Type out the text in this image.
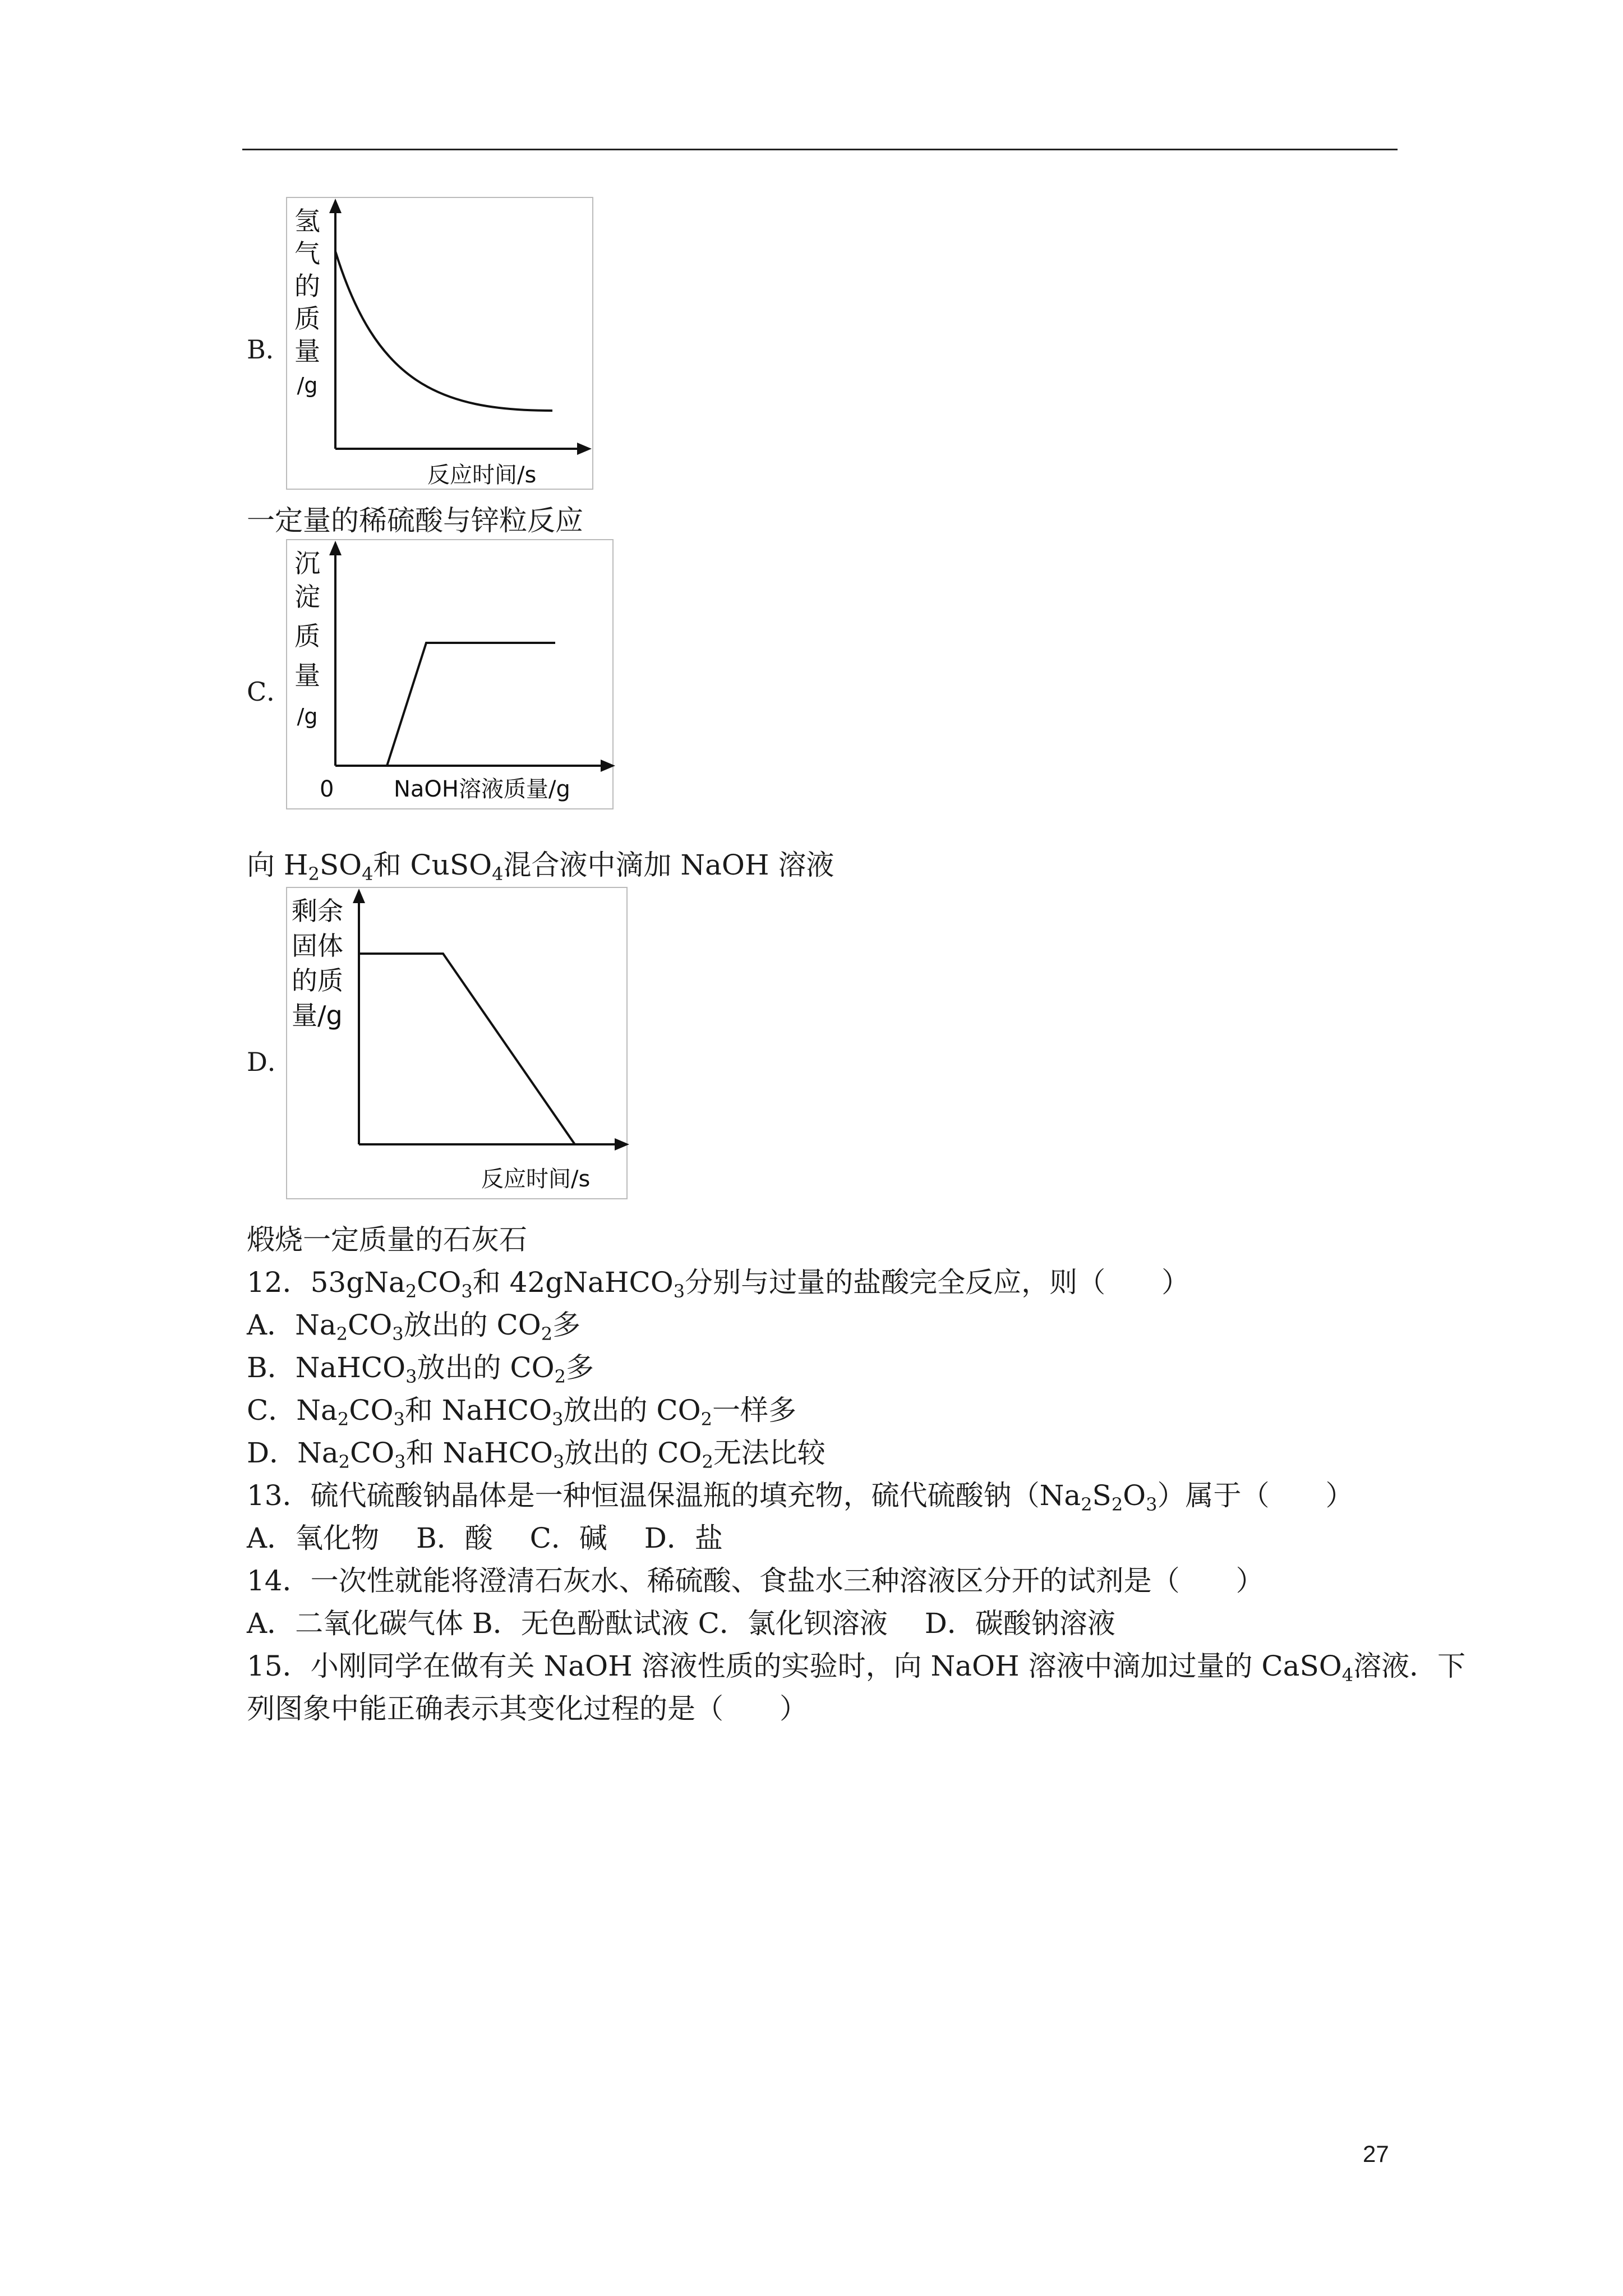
B．
氢
气
的
质
量
/g
反应时间/s
一定量的稀硫酸与锌粒反应
C．
沉
淀
质
量
/g
0	NaOH溶液质量/g
向 $H_2SO_4$和 CuSO$_4$混合液中滴加 NaOH 溶液
D．
剩余
固体
的质
量/g
反应时间/s
煅烧一定质量的石灰石
12．$53gNa_2CO_3$和 42gNaHCO$_3$分别与过量的盐酸完全反应，则（　　）
A．$Na_2CO_3$放出的 $CO_2$多
B．NaHCO$_3$放出的 $CO_2$多
C．$Na_2CO_3$和 NaHCO$_3$放出的 $CO_2$一样多
D．$Na_2CO_3$和 NaHCO$_3$放出的 $CO_2$无法比较
13．硫代硫酸钠晶体是一种恒温保温瓶的填充物，硫代硫酸钠$(Na_2S_2O_3)$属于（　　）
A．氧化物　 B．酸　 C．碱　 D．盐
14．一次性就能将澄清石灰水、稀硫酸、食盐水三种溶液区分开的试剂是（　　）
A．二氧化碳气体 B．无色酚酞试液 C．氯化钡溶液　 D．碳酸钠溶液
15．小刚同学在做有关 NaOH 溶液性质的实验时，向 NaOH 溶液中滴加过量的 CaSO$_4$溶液．下
列图象中能正确表示其变化过程的是（　　）
27
